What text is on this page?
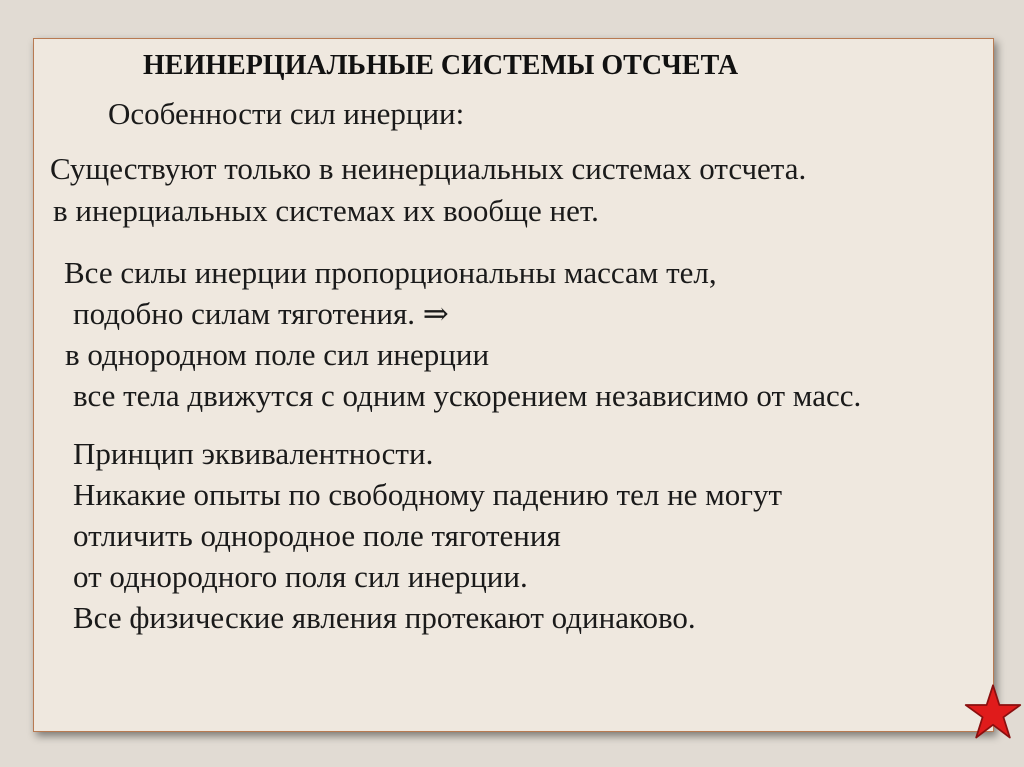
НЕИНЕРЦИАЛЬНЫЕ СИСТЕМЫ ОТСЧЕТА
Особенности сил инерции:
Существуют только в неинерциальных системах отсчета.
в инерциальных системах их вообще нет.
Все силы инерции пропорциональны массам тел,
подобно силам тяготения. ⇒
в однородном поле сил инерции
все тела движутся с одним ускорением независимо от масс.
Принцип эквивалентности.
Никакие опыты по свободному падению тел не могут
отличить однородное поле тяготения
от однородного поля сил инерции.
Все физические явления протекают одинаково.
